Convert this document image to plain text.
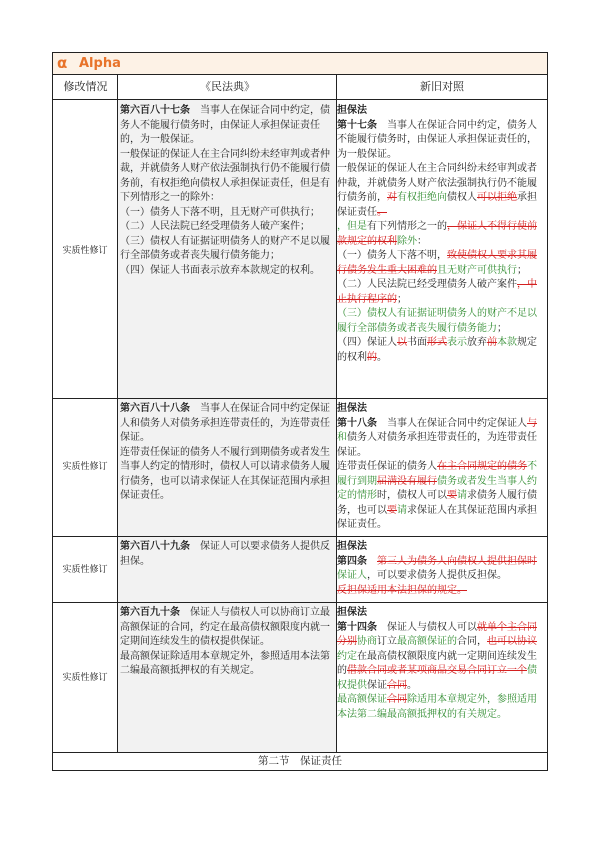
α Alpha
修改情况	《民法典》	新旧对照
实质性修订
实质性修订
实质性修订
实质性修订

第六百八十七条　当事人在保证合同中约定，债务人不能履行债务时，由保证人承担保证责任的，为一般保证。
一般保证的保证人在主合同纠纷未经审判或者仲裁，并就债务人财产依法强制执行仍不能履行债务前，有权拒绝向债权人承担保证责任，但是有下列情形之一的除外：
（一）债务人下落不明，且无财产可供执行；
（二）人民法院已经受理债务人破产案件；
（三）债权人有证据证明债务人的财产不足以履行全部债务或者丧失履行债务能力；
（四）保证人书面表示放弃本款规定的权利。

担保法
第十七条　当事人在保证合同中约定，债务人不能履行债务时，由保证人承担保证责任的，为一般保证。
一般保证的保证人在主合同纠纷未经审判或者仲裁，并就债务人财产依法强制执行仍不能履行债务前，对有权拒绝向债权人可以拒绝承担保证责任。
，但是有下列情形之一的，保证人不得行使前款规定的权利除外：
（一）债务人下落不明，致使债权人要求其履行债务发生重大困难的且无财产可供执行；
（二）人民法院已经受理债务人破产案件，中止执行程序的；
（三）债权人有证据证明债务人的财产不足以履行全部债务或者丧失履行债务能力；
（四）保证人以书面形式表示放弃前本款规定的权利的。

第六百八十八条　当事人在保证合同中约定保证人和债务人对债务承担连带责任的，为连带责任保证。
连带责任保证的债务人不履行到期债务或者发生当事人约定的情形时，债权人可以请求债务人履行债务，也可以请求保证人在其保证范围内承担保证责任。

担保法
第十八条　当事人在保证合同中约定保证人与和债务人对债务承担连带责任的，为连带责任保证。
连带责任保证的债务人在主合同规定的债务不履行到期届满没有履行债务或者发生当事人约定的情形时，债权人可以要请求债务人履行债务，也可以要请求保证人在其保证范围内承担保证责任。

第六百八十九条　保证人可以要求债务人提供反担保。

担保法
第四条　 第三人为债务人向债权人提供担保时保证人，可以要求债务人提供反担保。
反担保适用本法担保的规定。

第六百九十条　保证人与债权人可以协商订立最高额保证的合同，约定在最高债权额限度内就一定期间连续发生的债权提供保证。
最高额保证除适用本章规定外，参照适用本法第二编最高额抵押权的有关规定。

担保法
第十四条　保证人与债权人可以就单个主合同分别协商订立最高额保证的合同，也可以协议约定在最高债权额限度内就一定期间连续发生的借款合同或者某项商品交易合同订立一个债权提供保证合同。
最高额保证合同除适用本章规定外，参照适用本法第二编最高额抵押权的有关规定。

第二节　保证责任
